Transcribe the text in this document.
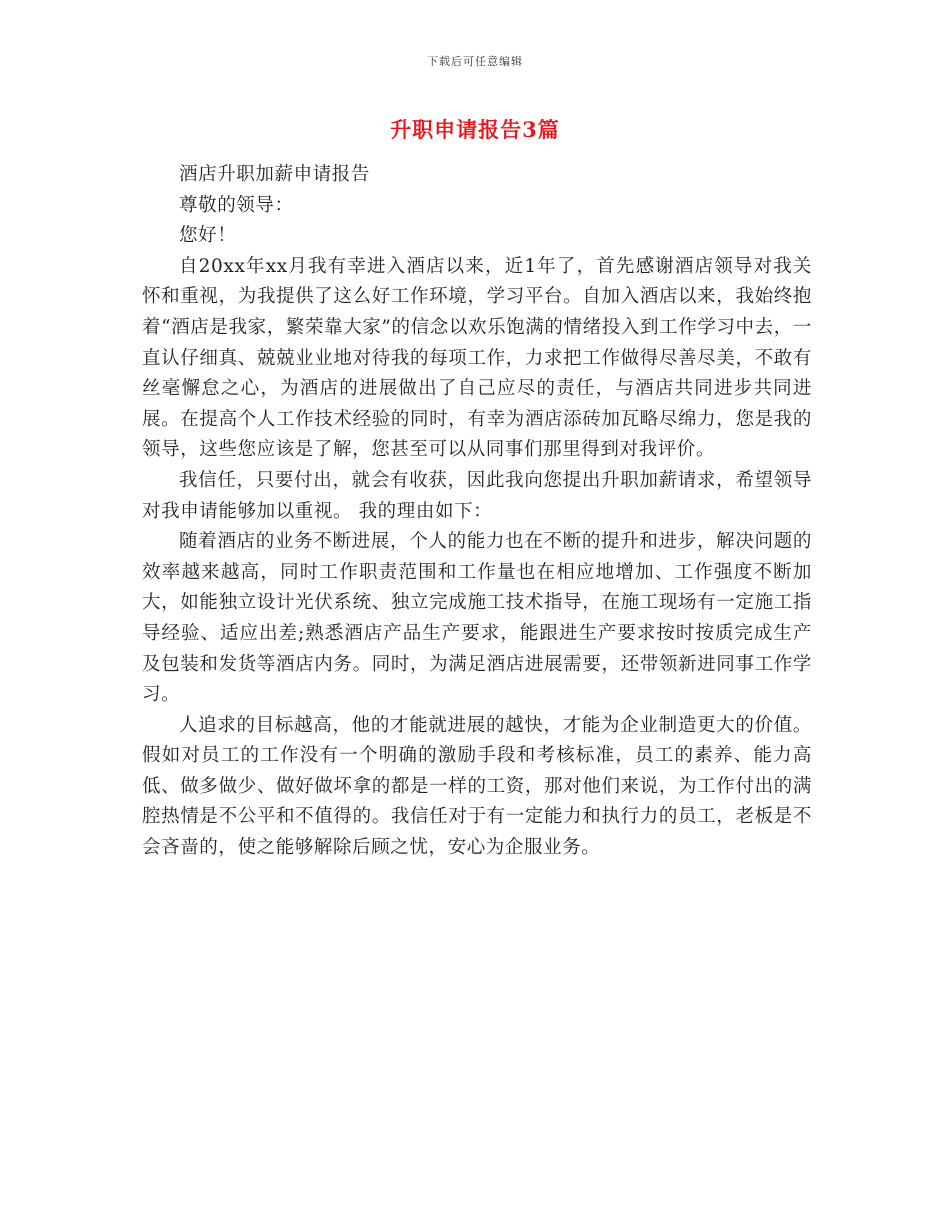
下载后可任意编辑
升职申请报告3篇

酒店升职加薪申请报告

尊敬的领导：

您好！

自20xx年xx月我有幸进入酒店以来，近1年了，首先感谢酒店领导对我关怀和重视，为我提供了这么好工作环境，学习平台。自加入酒店以来，我始终抱着“酒店是我家，繁荣靠大家”的信念以欢乐饱满的情绪投入到工作学习中去，一直认仔细真、兢兢业业地对待我的每项工作，力求把工作做得尽善尽美，不敢有丝毫懈怠之心，为酒店的进展做出了自己应尽的责任，与酒店共同进步共同进展。在提高个人工作技术经验的同时，有幸为酒店添砖加瓦略尽绵力，您是我的领导，这些您应该是了解，您甚至可以从同事们那里得到对我评价。

我信任，只要付出，就会有收获，因此我向您提出升职加薪请求，希望领导对我申请能够加以重视。 我的理由如下：

随着酒店的业务不断进展，个人的能力也在不断的提升和进步，解决问题的效率越来越高，同时工作职责范围和工作量也在相应地增加、工作强度不断加大，如能独立设计光伏系统、独立完成施工技术指导，在施工现场有一定施工指导经验、适应出差;熟悉酒店产品生产要求，能跟进生产要求按时按质完成生产及包装和发货等酒店内务。同时，为满足酒店进展需要，还带领新进同事工作学习。

人追求的目标越高，他的才能就进展的越快，才能为企业制造更大的价值。假如对员工的工作没有一个明确的激励手段和考核标准，员工的素养、能力高低、做多做少、做好做坏拿的都是一样的工资，那对他们来说，为工作付出的满腔热情是不公平和不值得的。我信任对于有一定能力和执行力的员工，老板是不会吝啬的，使之能够解除后顾之忧，安心为企服业务。
